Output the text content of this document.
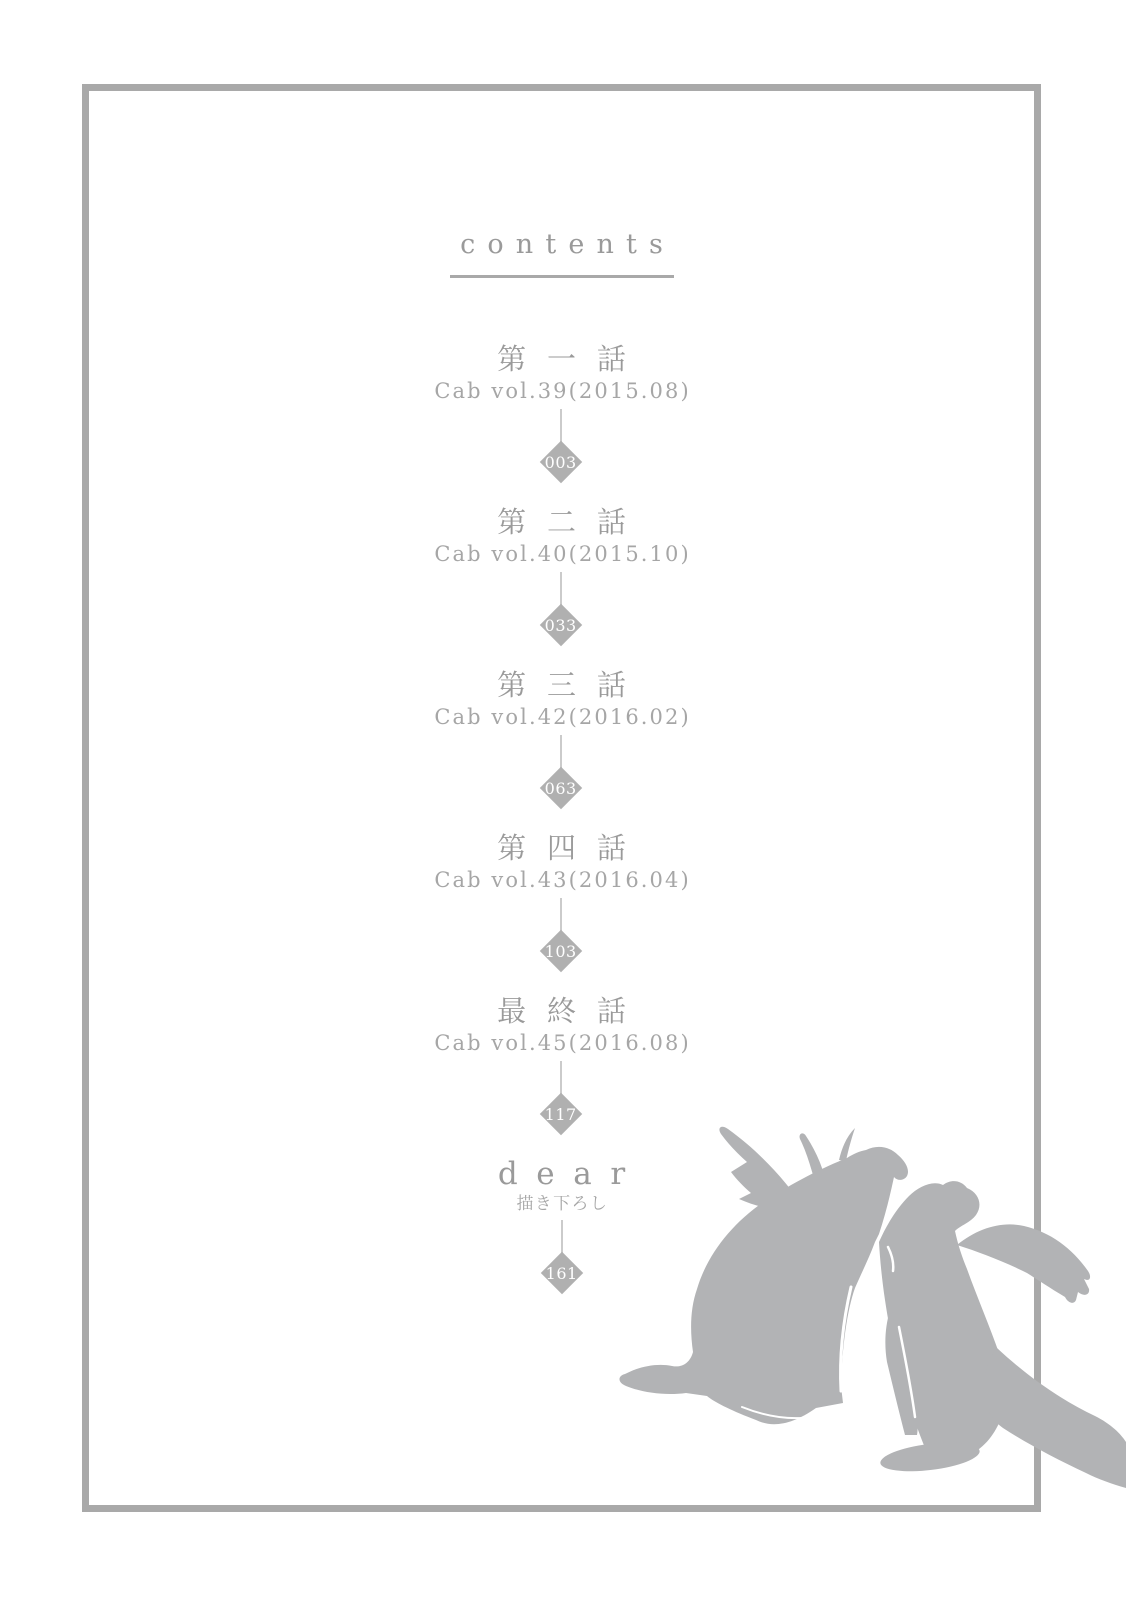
contents
第一話
Cab vol.39(2015.08)
003
第二話
Cab vol.40(2015.10)
033
第三話
Cab vol.42(2016.02)
063
第四話
Cab vol.43(2016.04)
103
最終話
Cab vol.45(2016.08)
117
dear
描き下ろし
161
